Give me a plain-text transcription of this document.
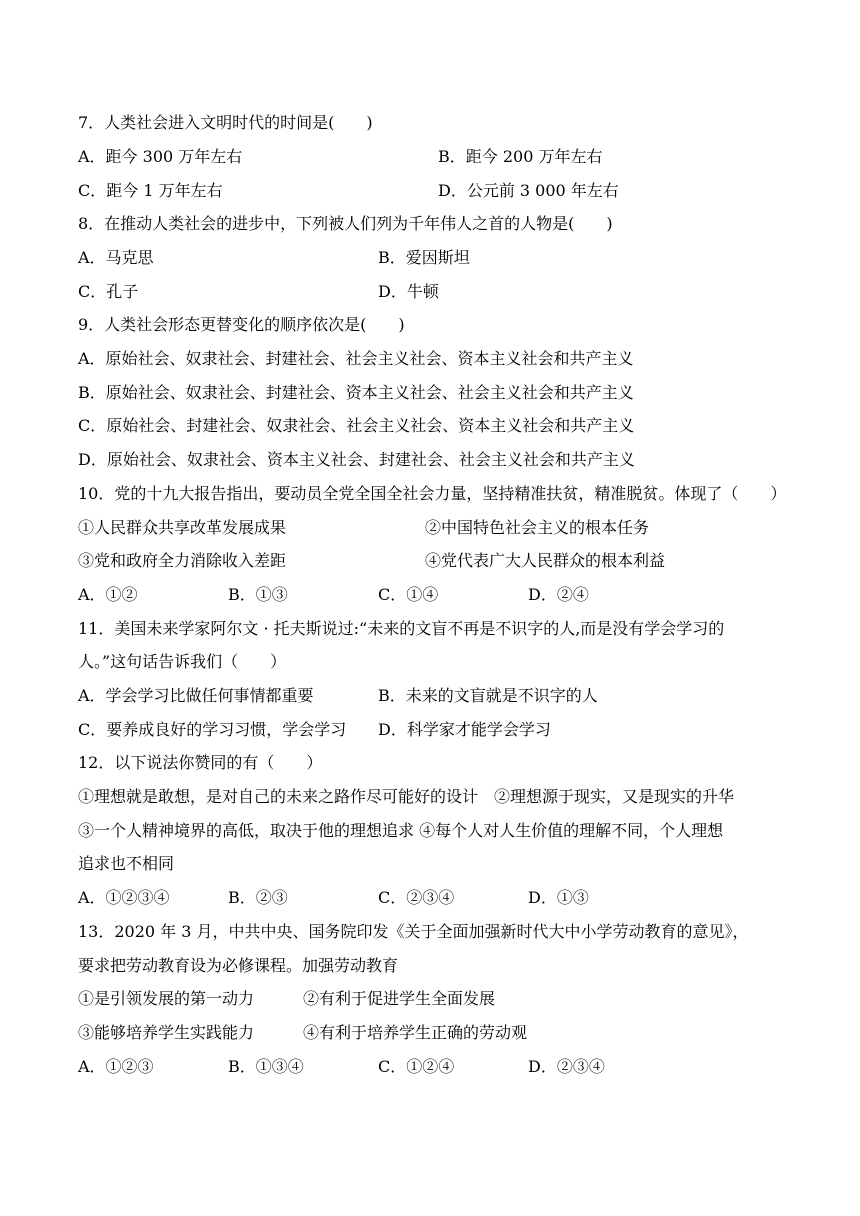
7．人类社会进入文明时代的时间是(　　)
A．距今 300 万年左右	B．距今 200 万年左右
C．距今 1 万年左右	D．公元前 3 000 年左右
8．在推动人类社会的进步中，下列被人们列为千年伟人之首的人物是(　　)
A．马克思	B．爱因斯坦
C．孔子	D．牛顿
9．人类社会形态更替变化的顺序依次是(　　)
A．原始社会、奴隶社会、封建社会、社会主义社会、资本主义社会和共产主义
B．原始社会、奴隶社会、封建社会、资本主义社会、社会主义社会和共产主义
C．原始社会、封建社会、奴隶社会、社会主义社会、资本主义社会和共产主义
D．原始社会、奴隶社会、资本主义社会、封建社会、社会主义社会和共产主义
10．党的十九大报告指出，要动员全党全国全社会力量，坚持精准扶贫，精准脱贫。体现了（　　）
①人民群众共享改革发展成果	②中国特色社会主义的根本任务
③党和政府全力消除收入差距	④党代表广大人民群众的根本利益
A．①②	B．①③	C．①④	D．②④
11．美国未来学家阿尔文 · 托夫斯说过:“未来的文盲不再是不识字的人,而是没有学会学习的
人。”这句话告诉我们（　　）
A．学会学习比做任何事情都重要	B．未来的文盲就是不识字的人
C．要养成良好的学习习惯，学会学习 D．科学家才能学会学习
12．以下说法你赞同的有（　　）
①理想就是敢想，是对自己的未来之路作尽可能好的设计　②理想源于现实，又是现实的升华
③一个人精神境界的高低，取决于他的理想追求 ④每个人对人生价值的理解不同，个人理想
追求也不相同
A．①②③④	B．②③	C．②③④	D．①③
13．2020 年 3 月，中共中央、国务院印发《关于全面加强新时代大中小学劳动教育的意见》，
要求把劳动教育设为必修课程。加强劳动教育
①是引领发展的第一动力	②有利于促进学生全面发展
③能够培养学生实践能力	④有利于培养学生正确的劳动观
A．①②③	B．①③④	C．①②④	D．②③④
